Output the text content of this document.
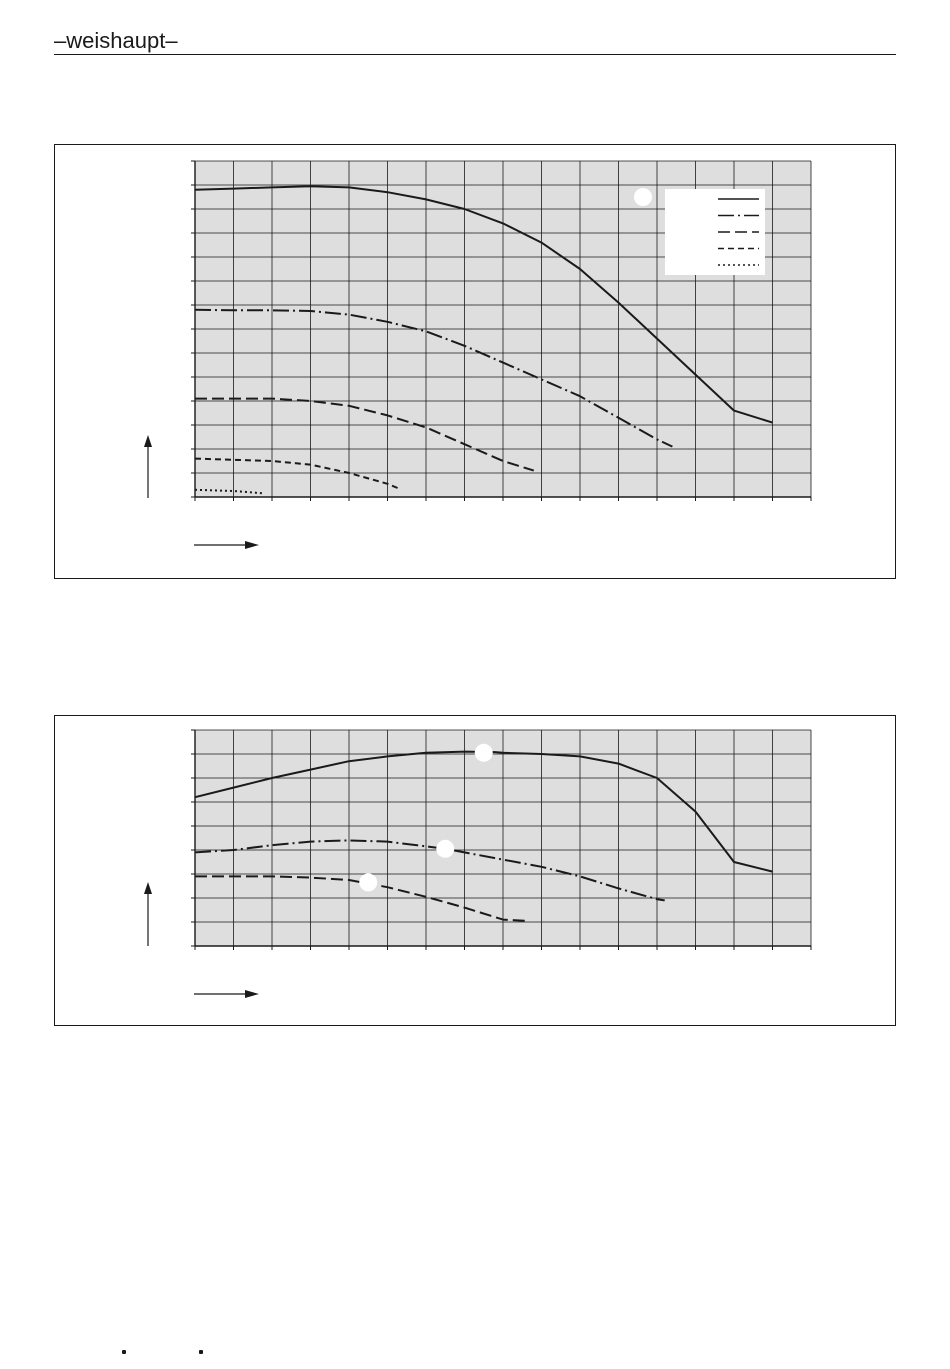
–weishaupt–
